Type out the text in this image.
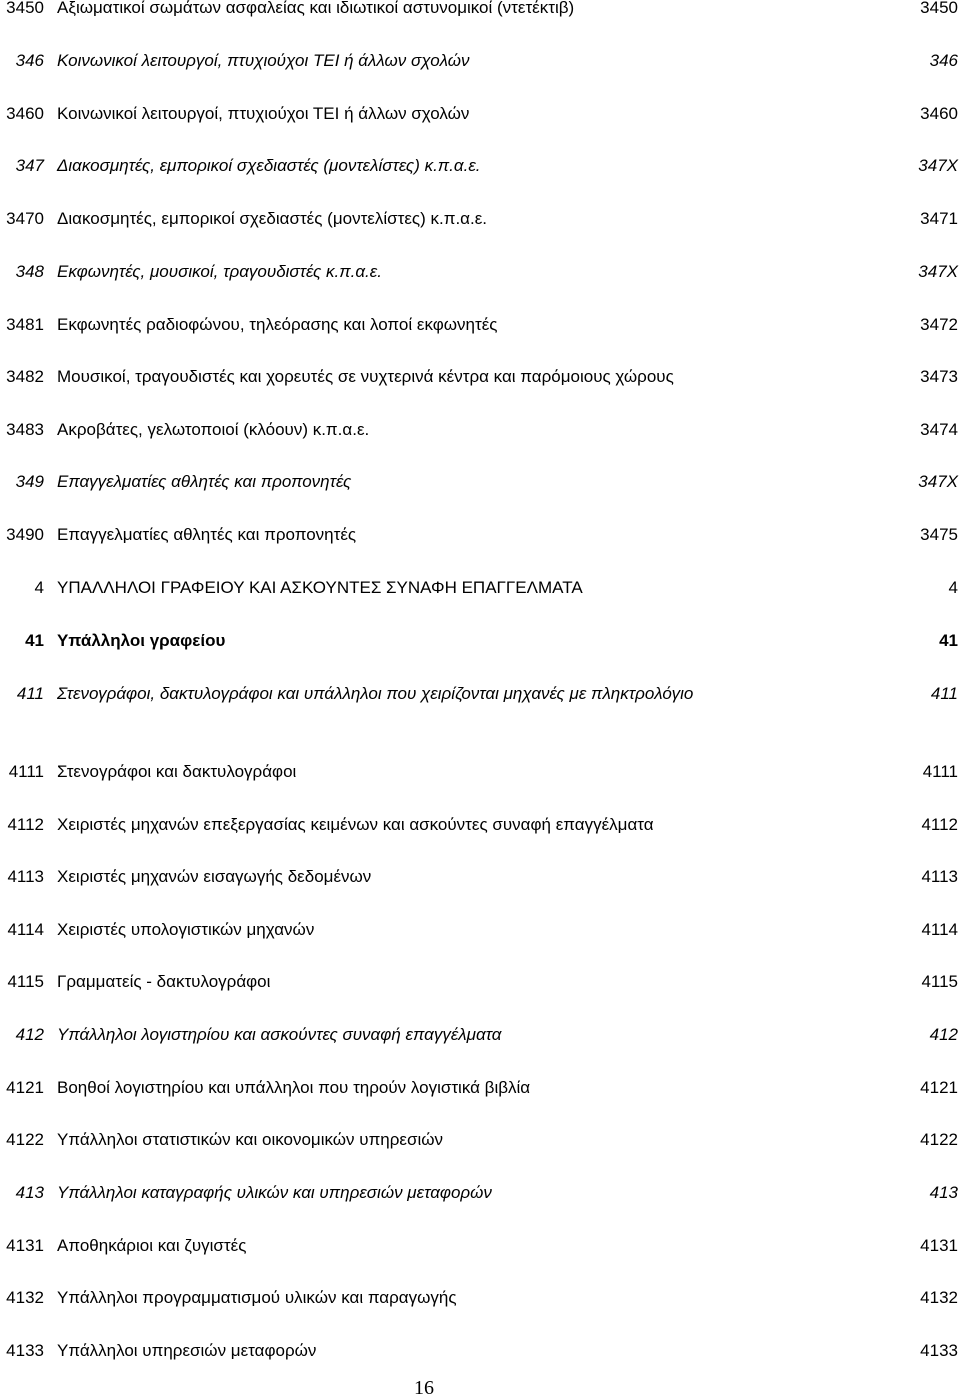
3450 Αξιωματικοί σωμάτων ασφαλείας και ιδιωτικοί αστυνομικοί (ντετέκτιβ)	3450
346 Κοινωνικοί λειτουργοί, πτυχιούχοι ΤΕΙ ή άλλων σχολών	346
3460 Κοινωνικοί λειτουργοί, πτυχιούχοι ΤΕΙ ή άλλων σχολών	3460
347 Διακοσμητές, εμπορικοί σχεδιαστές (μοντελίστες) κ.π.α.ε.	347Χ
3470 Διακοσμητές, εμπορικοί σχεδιαστές (μοντελίστες) κ.π.α.ε.	3471
348 Εκφωνητές, μουσικοί, τραγουδιστές κ.π.α.ε.	347Χ
3481 Εκφωνητές ραδιοφώνου, τηλεόρασης και λοποί εκφωνητές	3472
3482 Μουσικοί, τραγουδιστές και χορευτές σε νυχτερινά κέντρα και παρόμοιους χώρους	3473
3483 Ακροβάτες, γελωτοποιοί (κλόουν) κ.π.α.ε.	3474
349 Επαγγελματίες αθλητές και προπονητές	347Χ
3490 Επαγγελματίες αθλητές και προπονητές	3475
4 ΥΠΑΛΛΗΛΟΙ ΓΡΑΦΕΙΟΥ ΚΑΙ ΑΣΚΟΥΝΤΕΣ ΣΥΝΑΦΗ ΕΠΑΓΓΕΛΜΑΤΑ	4
41 Υπάλληλοι γραφείου	41
411 Στενογράφοι, δακτυλογράφοι και υπάλληλοι που χειρίζονται μηχανές με πληκτρολόγιο	411
4111 Στενογράφοι και δακτυλογράφοι	4111
4112 Χειριστές μηχανών επεξεργασίας κειμένων και ασκούντες συναφή επαγγέλματα	4112
4113 Χειριστές μηχανών εισαγωγής δεδομένων	4113
4114 Χειριστές υπολογιστικών μηχανών	4114
4115 Γραμματείς - δακτυλογράφοι	4115
412 Υπάλληλοι λογιστηρίου και ασκούντες συναφή επαγγέλματα	412
4121 Βοηθοί λογιστηρίου και υπάλληλοι που τηρούν λογιστικά βιβλία	4121
4122 Υπάλληλοι στατιστικών και οικονομικών υπηρεσιών	4122
413 Υπάλληλοι καταγραφής υλικών και υπηρεσιών μεταφορών	413
4131 Αποθηκάριοι και ζυγιστές	4131
4132 Υπάλληλοι προγραμματισμού υλικών και παραγωγής	4132
4133 Υπάλληλοι υπηρεσιών μεταφορών	4133
16
